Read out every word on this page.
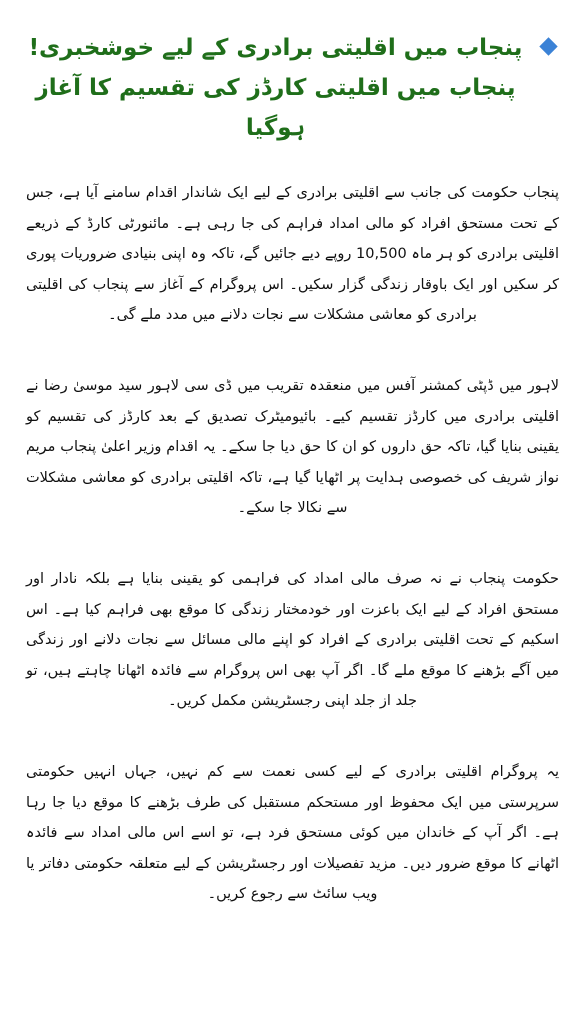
پنجاب میں اقلیتی برادری کے لیے خوشخبری! پنجاب میں اقلیتی کارڈز کی تقسیم کا آغاز ہوگیا

پنجاب حکومت کی جانب سے اقلیتی برادری کے لیے ایک شاندار اقدام سامنے آیا ہے، جس کے تحت مستحق افراد کو مالی امداد فراہم کی جا رہی ہے۔ مائنورٹی کارڈ کے ذریعے اقلیتی برادری کو ہر ماہ 10,500 روپے دیے جائیں گے، تاکہ وہ اپنی بنیادی ضروریات پوری کر سکیں اور ایک باوقار زندگی گزار سکیں۔ اس پروگرام کے آغاز سے پنجاب کی اقلیتی برادری کو معاشی مشکلات سے نجات دلانے میں مدد ملے گی۔

لاہور میں ڈپٹی کمشنر آفس میں منعقدہ تقریب میں ڈی سی لاہور سید موسیٰ رضا نے اقلیتی برادری میں کارڈز تقسیم کیے۔ بائیومیٹرک تصدیق کے بعد کارڈز کی تقسیم کو یقینی بنایا گیا، تاکہ حق داروں کو ان کا حق دیا جا سکے۔ یہ اقدام وزیر اعلیٰ پنجاب مریم نواز شریف کی خصوصی ہدایت پر اٹھایا گیا ہے، تاکہ اقلیتی برادری کو معاشی مشکلات سے نکالا جا سکے۔

حکومت پنجاب نے نہ صرف مالی امداد کی فراہمی کو یقینی بنایا ہے بلکہ نادار اور مستحق افراد کے لیے ایک باعزت اور خودمختار زندگی کا موقع بھی فراہم کیا ہے۔ اس اسکیم کے تحت اقلیتی برادری کے افراد کو اپنے مالی مسائل سے نجات دلانے اور زندگی میں آگے بڑھنے کا موقع ملے گا۔ اگر آپ بھی اس پروگرام سے فائدہ اٹھانا چاہتے ہیں، تو جلد از جلد اپنی رجسٹریشن مکمل کریں۔

یہ پروگرام اقلیتی برادری کے لیے کسی نعمت سے کم نہیں، جہاں انہیں حکومتی سرپرستی میں ایک محفوظ اور مستحکم مستقبل کی طرف بڑھنے کا موقع دیا جا رہا ہے۔ اگر آپ کے خاندان میں کوئی مستحق فرد ہے، تو اسے اس مالی امداد سے فائدہ اٹھانے کا موقع ضرور دیں۔ مزید تفصیلات اور رجسٹریشن کے لیے متعلقہ حکومتی دفاتر یا ویب سائٹ سے رجوع کریں۔
